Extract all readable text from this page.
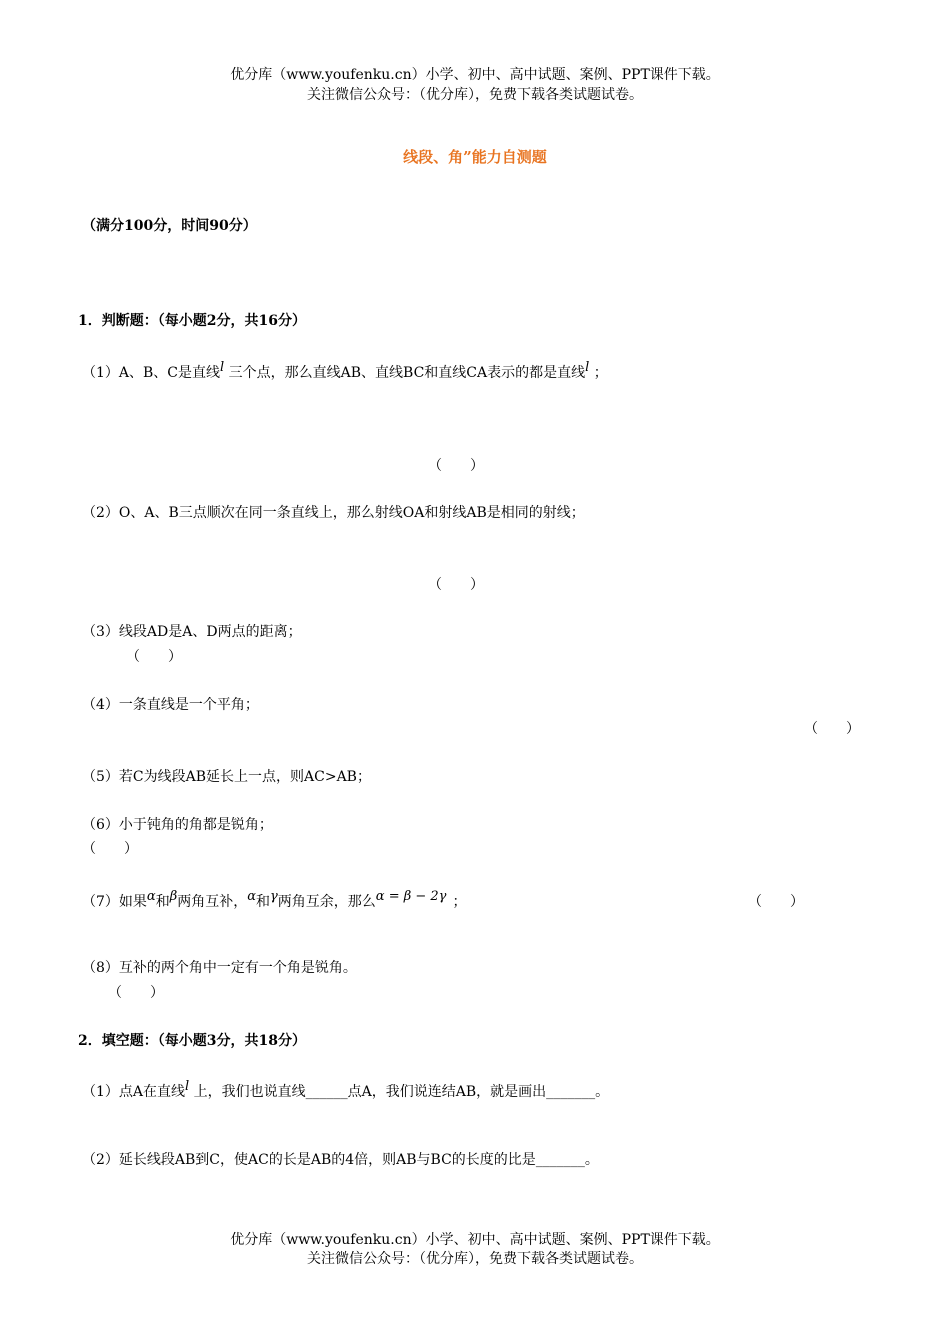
优分库（www.youfenku.cn）小学、初中、高中试题、案例、PPT课件下载。
关注微信公众号：（优分库），免费下载各类试题试卷。
线段、角”能力自测题
（满分100分，时间90分）
1．判断题：（每小题2分，共16分）
（1）A、B、C是直线l 三个点，那么直线AB、直线BC和直线CA表示的都是直线l ；
（　　）
（2）O、A、B三点顺次在同一条直线上，那么射线OA和射线AB是相同的射线；
（　　）
（3）线段AD是A、D两点的距离；
（　　）
（4）一条直线是一个平角；
（　　）
（5）若C为线段AB延长上一点，则AC>AB；
（6）小于钝角的角都是锐角；
（　　）
（7）如果α和β两角互补，α和γ两角互余，那么α = β − 2γ ；	（　　）
（8）互补的两个角中一定有一个角是锐角。
（　　）
2．填空题：（每小题3分，共18分）
（1）点A在直线l 上，我们也说直线______点A，我们说连结AB，就是画出_______。
（2）延长线段AB到C，使AC的长是AB的4倍，则AB与BC的长度的比是_______。
优分库（www.youfenku.cn）小学、初中、高中试题、案例、PPT课件下载。
关注微信公众号：（优分库），免费下载各类试题试卷。
